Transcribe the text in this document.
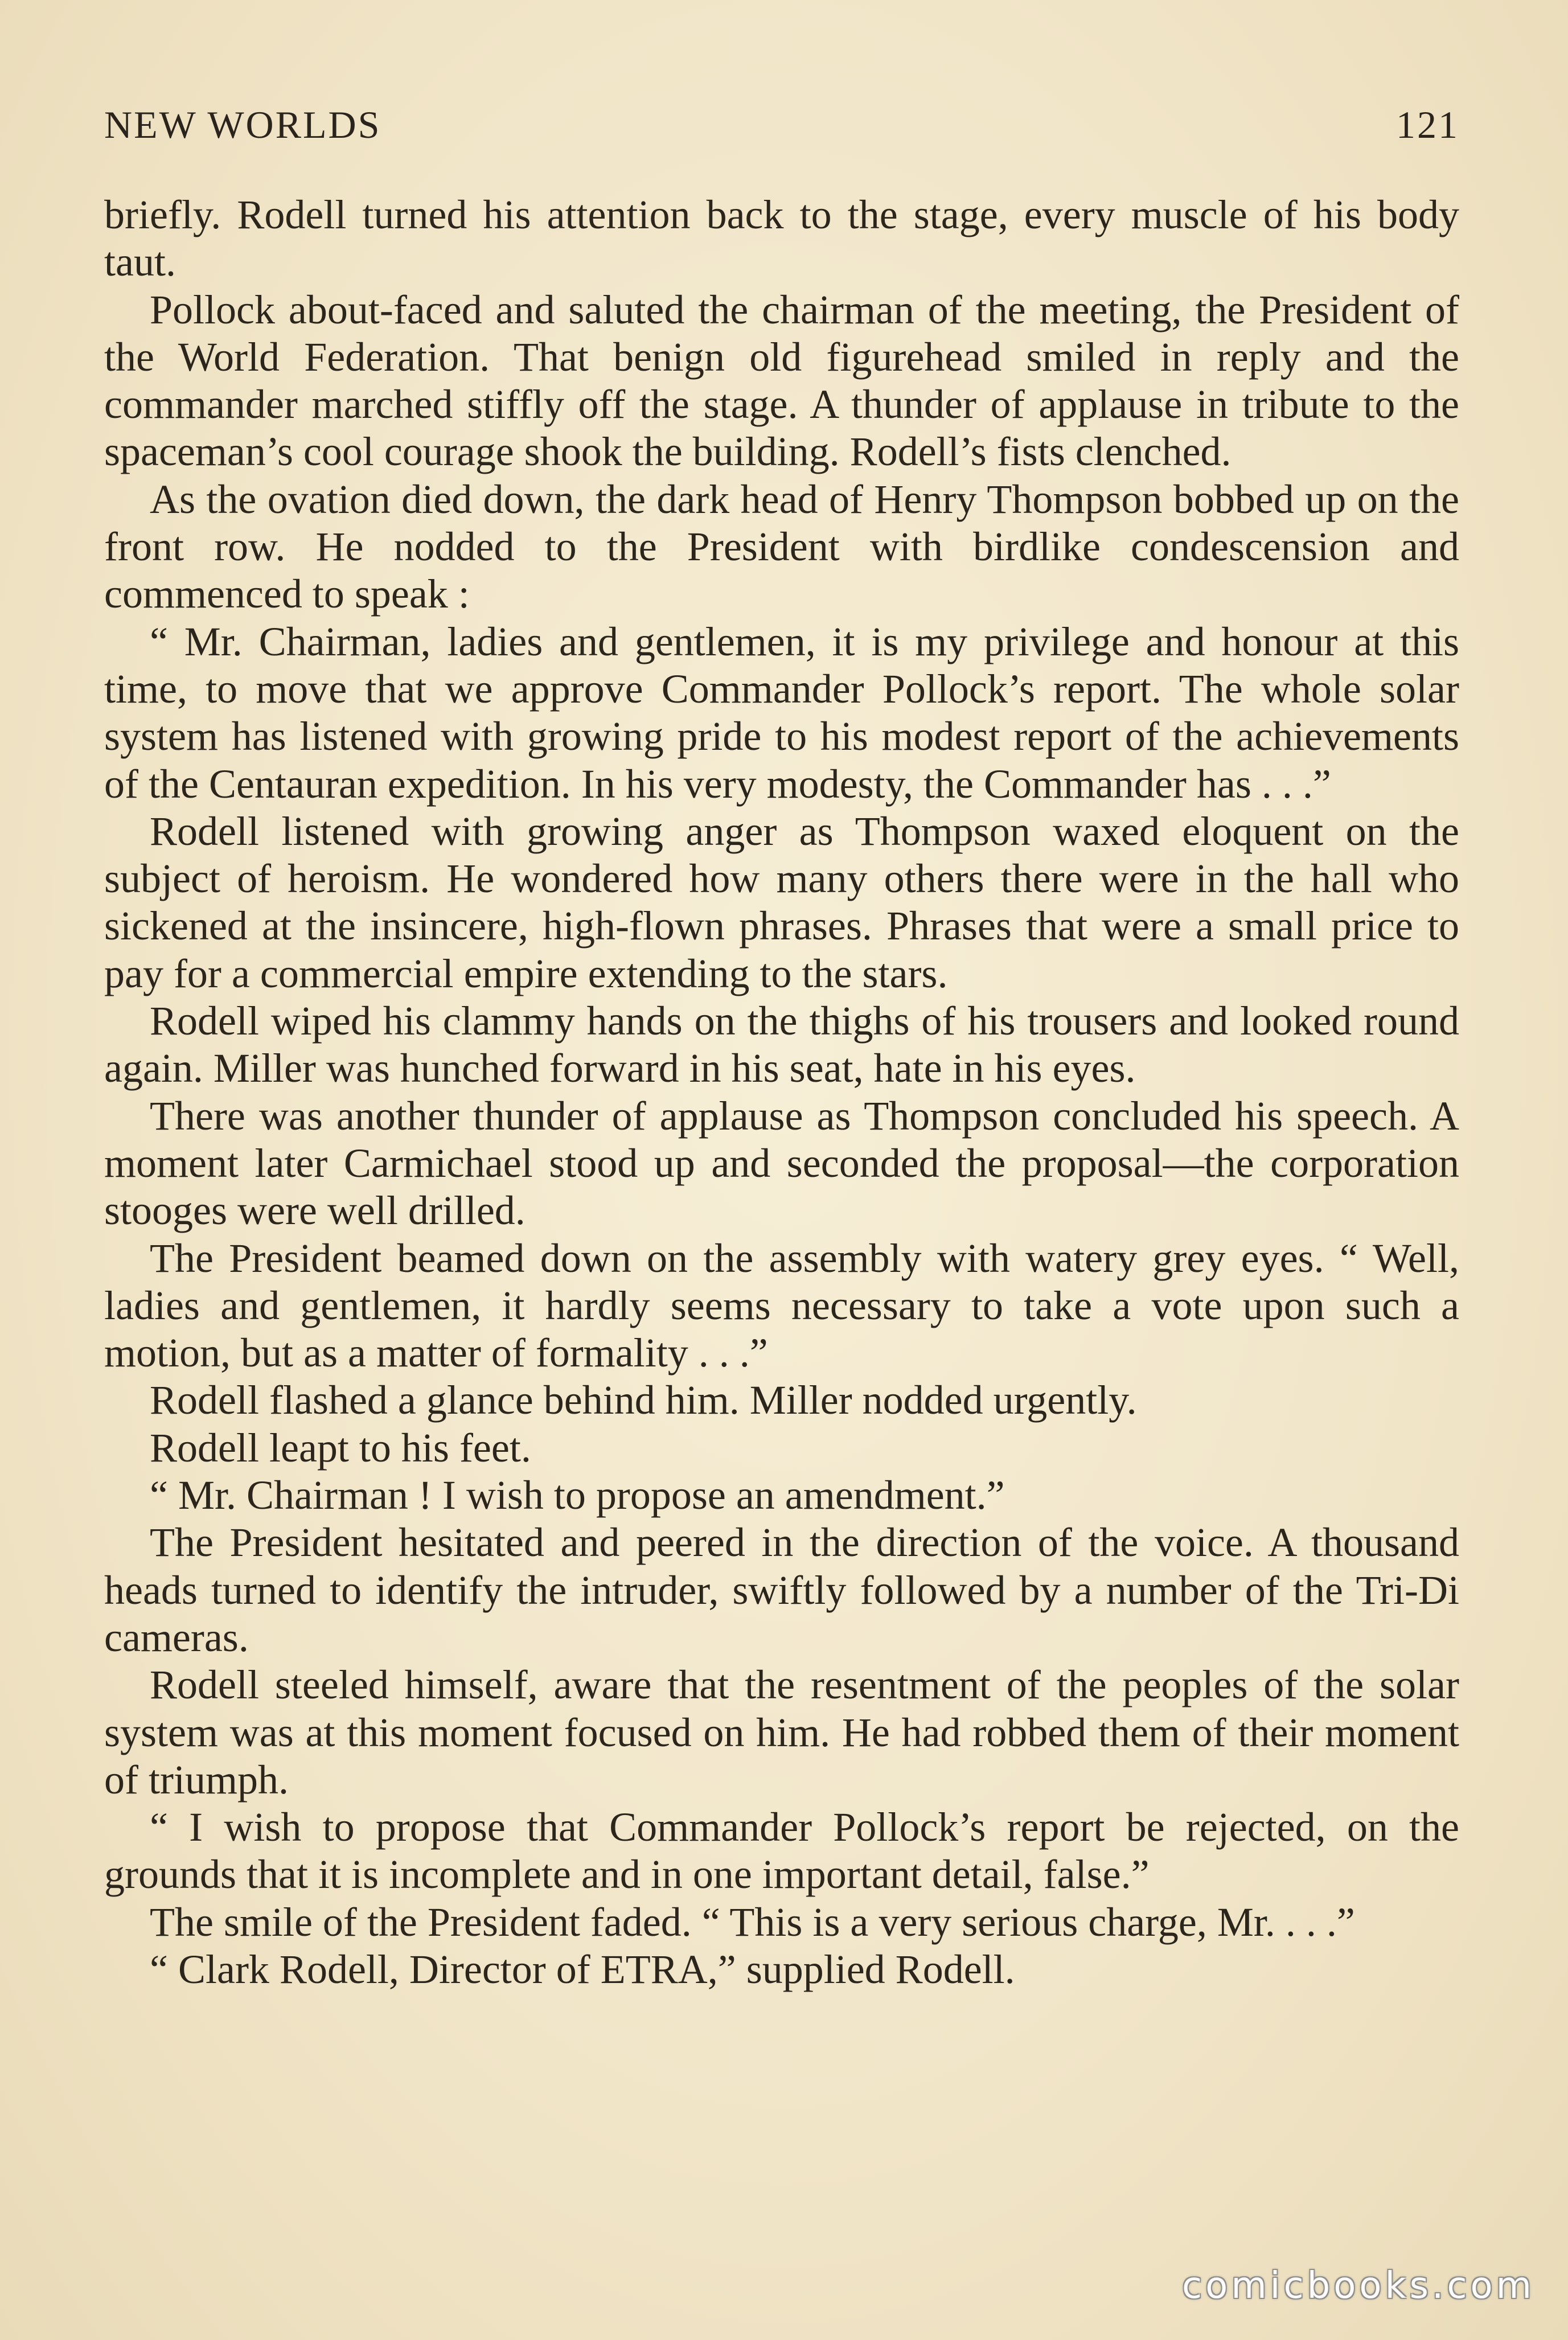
NEW WORLDS	121

briefly. Rodell turned his attention back to the stage, every muscle of his body taut.

Pollock about-faced and saluted the chairman of the meeting, the President of the World Federation. That benign old figurehead smiled in reply and the commander marched stiffly off the stage. A thunder of applause in tribute to the spaceman’s cool courage shook the building. Rodell’s fists clenched.

As the ovation died down, the dark head of Henry Thompson bobbed up on the front row. He nodded to the President with birdlike condescension and commenced to speak :

“ Mr. Chairman, ladies and gentlemen, it is my privilege and honour at this time, to move that we approve Commander Pollock’s report. The whole solar system has listened with growing pride to his modest report of the achievements of the Centauran expedition. In his very modesty, the Commander has . . .”

Rodell listened with growing anger as Thompson waxed eloquent on the subject of heroism. He wondered how many others there were in the hall who sickened at the insincere, high-flown phrases. Phrases that were a small price to pay for a commercial empire extending to the stars.

Rodell wiped his clammy hands on the thighs of his trousers and looked round again. Miller was hunched forward in his seat, hate in his eyes.

There was another thunder of applause as Thompson concluded his speech. A moment later Carmichael stood up and seconded the proposal—the corporation stooges were well drilled.

The President beamed down on the assembly with watery grey eyes. “ Well, ladies and gentlemen, it hardly seems necessary to take a vote upon such a motion, but as a matter of formality . . .”

Rodell flashed a glance behind him. Miller nodded urgently.

Rodell leapt to his feet.

“ Mr. Chairman ! I wish to propose an amendment.”

The President hesitated and peered in the direction of the voice. A thousand heads turned to identify the intruder, swiftly followed by a number of the Tri-Di cameras.

Rodell steeled himself, aware that the resentment of the peoples of the solar system was at this moment focused on him. He had robbed them of their moment of triumph.

“ I wish to propose that Commander Pollock’s report be rejected, on the grounds that it is incomplete and in one important detail, false.”

The smile of the President faded. “ This is a very serious charge, Mr. . . .”

“ Clark Rodell, Director of ETRA,” supplied Rodell.

comicbooks.com
